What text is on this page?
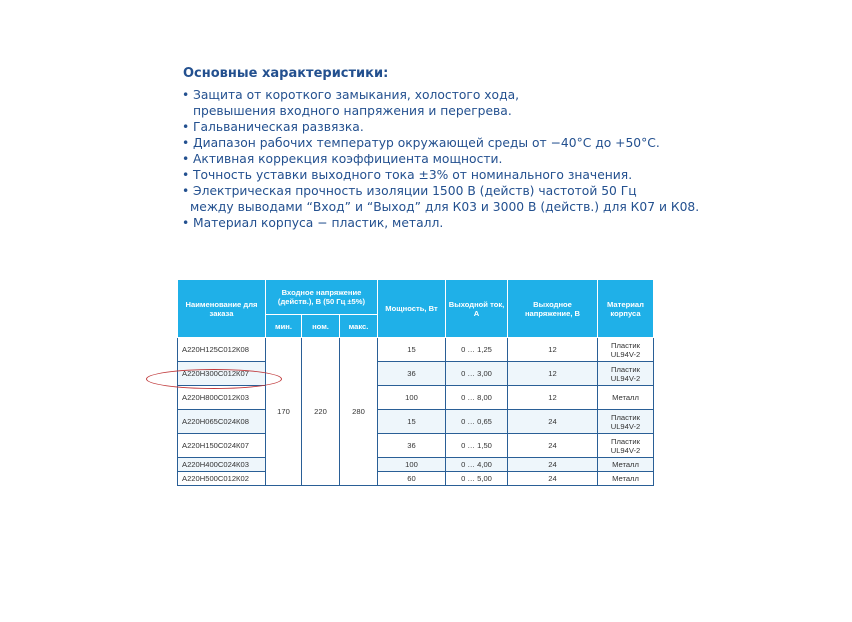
Основные характеристики:
• Защита от короткого замыкания, холостого хода,
превышения входного напряжения и перегрева.
• Гальваническая развязка.
• Диапазон рабочих температур окружающей среды от −40°С до +50°С.
• Активная коррекция коэффициента мощности.
• Точность уставки выходного тока ±3% от номинального значения.
• Электрическая прочность изоляции 1500 В (действ) частотой 50 Гц
между выводами “Вход” и “Выход” для К03 и 3000 В (действ.) для К07 и К08.
• Материал корпуса − пластик, металл.
Наименование для заказа	Входное напряжение (действ.), В (50 Гц ±5%)			Мощность, Вт	Выходной ток, А	Выходное напряжение, В	Материал корпуса
	мин.	ном.	макс.				
А220Н125С012К08	170	220	280	15	0 … 1,25	12	Пластик UL94V-2
А220Н300С012К07				36	0 … 3,00	12	Пластик UL94V-2
А220Н800С012К03				100	0 … 8,00	12	Металл
А220Н065С024К08				15	0 … 0,65	24	Пластик UL94V-2
А220Н150С024К07				36	0 … 1,50	24	Пластик UL94V-2
А220Н400С024К03				100	0 … 4,00	24	Металл
А220Н500С012К02				60	0 … 5,00	24	Металл
